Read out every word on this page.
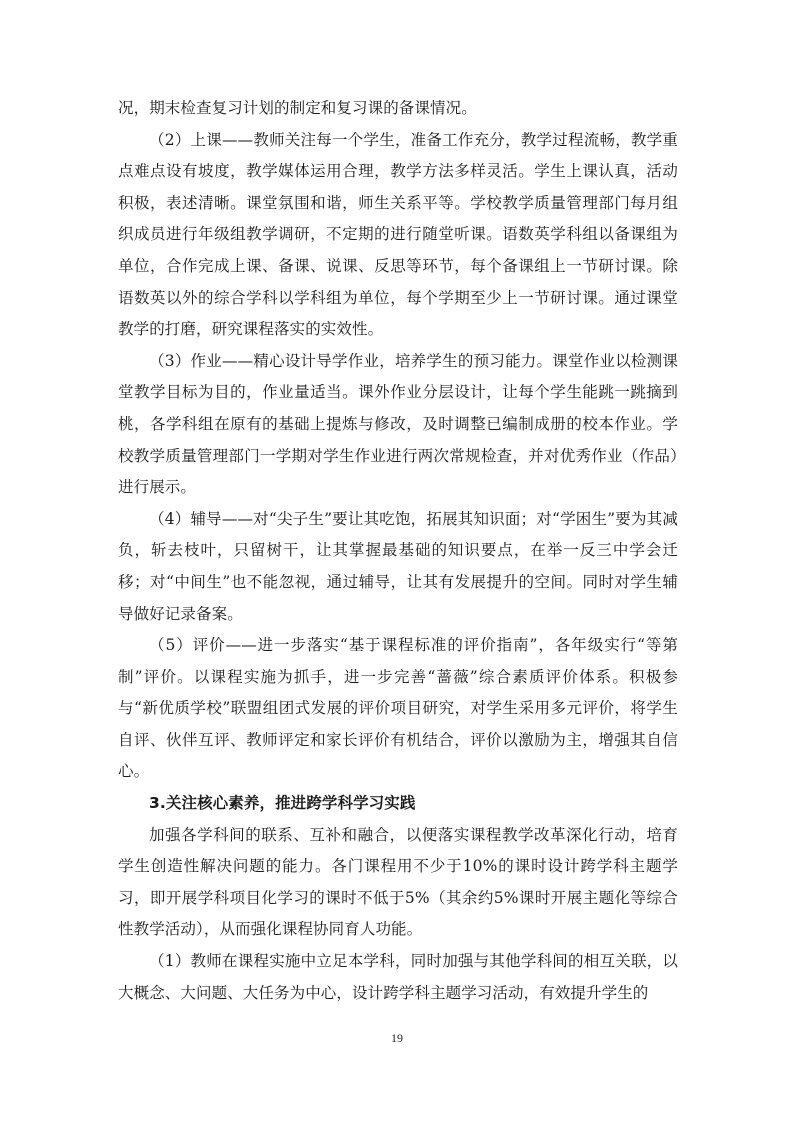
况，期末检查复习计划的制定和复习课的备课情况。

（2）上课——教师关注每一个学生，准备工作充分，教学过程流畅，教学重点难点设有坡度，教学媒体运用合理，教学方法多样灵活。学生上课认真，活动积极，表述清晰。课堂氛围和谐，师生关系平等。学校教学质量管理部门每月组织成员进行年级组教学调研，不定期的进行随堂听课。语数英学科组以备课组为单位，合作完成上课、备课、说课、反思等环节，每个备课组上一节研讨课。除语数英以外的综合学科以学科组为单位，每个学期至少上一节研讨课。通过课堂教学的打磨，研究课程落实的实效性。

（3）作业——精心设计导学作业，培养学生的预习能力。课堂作业以检测课堂教学目标为目的，作业量适当。课外作业分层设计，让每个学生能跳一跳摘到桃，各学科组在原有的基础上提炼与修改，及时调整已编制成册的校本作业。学校教学质量管理部门一学期对学生作业进行两次常规检查，并对优秀作业（作品）进行展示。

（4）辅导——对“尖子生”要让其吃饱，拓展其知识面；对“学困生”要为其减负，斩去枝叶，只留树干，让其掌握最基础的知识要点，在举一反三中学会迁移；对“中间生”也不能忽视，通过辅导，让其有发展提升的空间。同时对学生辅导做好记录备案。

（5）评价——进一步落实“基于课程标准的评价指南”，各年级实行“等第制”评价。以课程实施为抓手，进一步完善“蔷薇”综合素质评价体系。积极参与“新优质学校”联盟组团式发展的评价项目研究，对学生采用多元评价，将学生自评、伙伴互评、教师评定和家长评价有机结合，评价以激励为主，增强其自信心。

3.关注核心素养，推进跨学科学习实践

加强各学科间的联系、互补和融合，以便落实课程教学改革深化行动，培育学生创造性解决问题的能力。各门课程用不少于10%的课时设计跨学科主题学习，即开展学科项目化学习的课时不低于5%（其余约5%课时开展主题化等综合性教学活动），从而强化课程协同育人功能。

（1）教师在课程实施中立足本学科，同时加强与其他学科间的相互关联，以大概念、大问题、大任务为中心，设计跨学科主题学习活动，有效提升学生的

19
